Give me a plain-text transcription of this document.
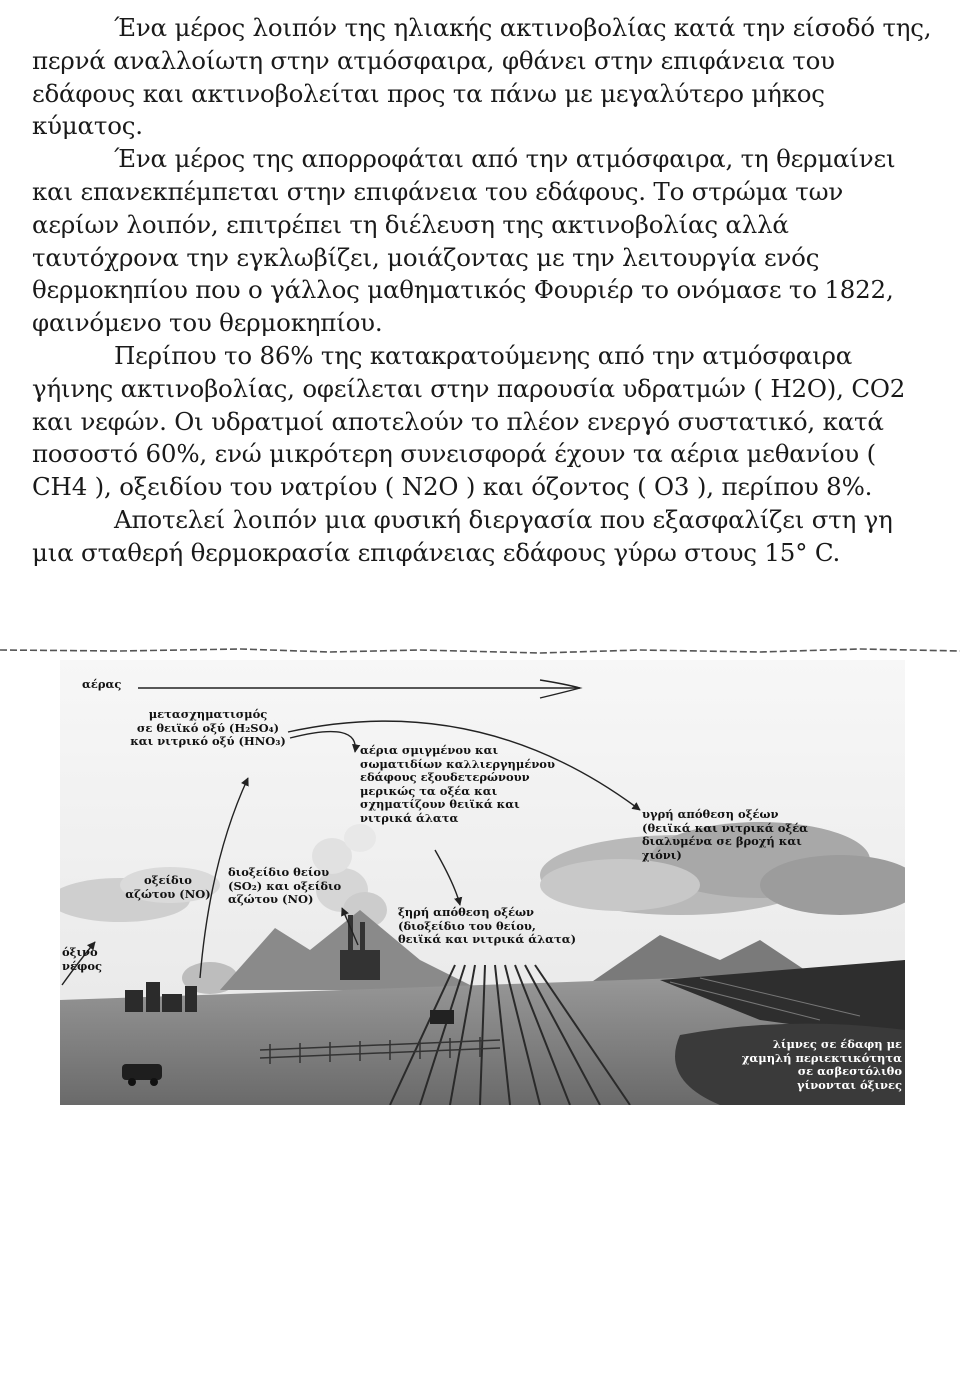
Ένα μέρος λοιπόν της ηλιακής ακτινοβολίας κατά την είσοδό της, περνά αναλλοίωτη στην ατμόσφαιρα, φθάνει στην επιφάνεια του εδάφους και ακτινοβολείται προς τα πάνω με μεγαλύτερο μήκος κύματος.

Ένα μέρος της απορροφάται από την ατμόσφαιρα, τη θερμαίνει και επανεκπέμπεται στην επιφάνεια του εδάφους. Το στρώμα των αερίων λοιπόν, επιτρέπει τη διέλευση της ακτινοβολίας αλλά ταυτόχρονα την εγκλωβίζει, μοιάζοντας με την λειτουργία ενός θερμοκηπίου που ο γάλλος μαθηματικός Φουριέρ το ονόμασε το 1822, φαινόμενο του θερμοκηπίου.

Περίπου το 86% της κατακρατούμενης από την ατμόσφαιρα γήινης ακτινοβολίας, οφείλεται στην παρουσία υδρατμών ( H2O), CO2 και νεφών. Οι υδρατμοί αποτελούν το πλέον ενεργό συστατικό, κατά ποσοστό 60%, ενώ μικρότερη συνεισφορά έχουν τα αέρια μεθανίου ( CH4 ), οξειδίου του νατρίου ( N2O ) και όζοντος ( O3 ), περίπου 8%.

Αποτελεί λοιπόν μια φυσική διεργασία που εξασφαλίζει στη γη μια σταθερή θερμοκρασία επιφάνειας εδάφους γύρω στους 15° C.

αέρας
μετασχηματισμός
σε θειϊκό οξύ (H₂SO₄)
και νιτρικό οξύ (HNO₃)
αέρια σμιγμένου και
σωματιδίων καλλιεργημένου
εδάφους εξουδετερώνουν
μερικώς τα οξέα και
σχηματίζουν θειϊκά και
νιτρικά άλατα	υγρή απόθεση οξέων
(θειϊκά και νιτρικά οξέα
διαλυμένα σε βροχή και
χιόνι)
οξείδιο
αζώτου (NO)
διοξείδιο θείου
(SO₂) και οξείδιο
αζώτου (NO)
ξηρή απόθεση οξέων
(διοξείδιο του θείου,
θειϊκά και νιτρικά άλατα)
όξινο
νέφος
λίμνες σε έδαφη με
χαμηλή περιεκτικότητα
σε ασβεστόλιθο
γίνονται όξινες
